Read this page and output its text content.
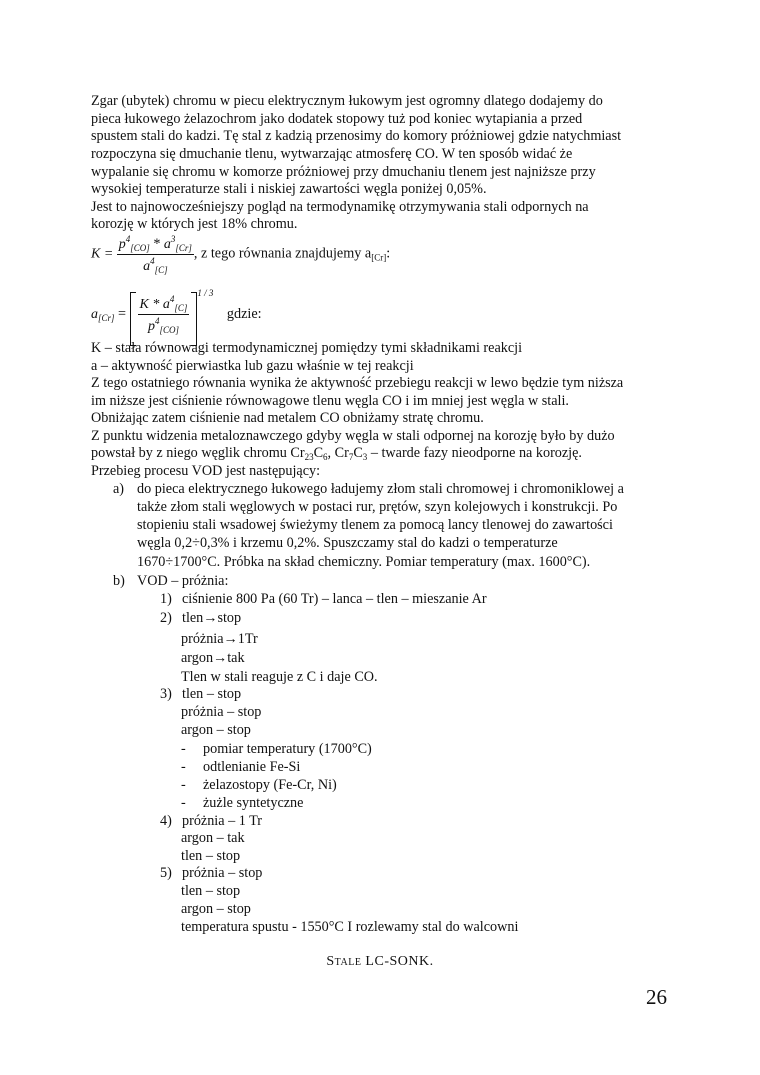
Zgar (ubytek) chromu w piecu elektrycznym łukowym jest ogromny dlatego dodajemy do
pieca łukowego żelazochrom jako dodatek stopowy tuż pod koniec wytapiania a przed
spustem stali do kadzi. Tę stal z kadzią przenosimy do komory próżniowej gdzie natychmiast
rozpoczyna się dmuchanie tlenu, wytwarzając atmosferę CO. W ten sposób widać że
wypalanie się chromu w komorze próżniowej przy dmuchaniu tlenem jest najniższe przy
wysokiej temperaturze stali i niskiej zawartości węgla poniżej 0,05%.
Jest to najnowocześniejszy pogląd na termodynamikę otrzymywania stali odpornych na
korozję w których jest 18% chromu.
$K = \frac{p^4_{[CO]} * a^3_{[Cr]}}{a^4_{[C]}}$ , z tego równania znajdujemy $a_{[Cr]}$:
$a_{[Cr]} = \frac{K * a^4_{[C]}}{p^4_{[CO]}}$
$^{1 / 3}$ gdzie:
K – stała równowagi termodynamicznej pomiędzy tymi składnikami reakcji
a – aktywność pierwiastka lub gazu właśnie w tej reakcji
Z tego ostatniego równania wynika że aktywność przebiegu reakcji w lewo będzie tym niższa
im niższe jest ciśnienie równowagowe tlenu węgla CO i im mniej jest węgla w stali.
Obniżając zatem ciśnienie nad metalem CO obniżamy stratę chromu.
Z punktu widzenia metaloznawczego gdyby węgla w stali odpornej na korozję było by dużo
powstał by z niego węglik chromu $Cr_{23}C_6$, $Cr_7C_3$ – twarde fazy nieodporne na korozję.
Przebieg procesu VOD jest następujący:
a) do pieca elektrycznego łukowego ładujemy złom stali chromowej i chromoniklowej a
także złom stali węglowych w postaci rur, prętów, szyn kolejowych i konstrukcji. Po
stopieniu stali wsadowej świeżymy tlenem za pomocą lancy tlenowej do zawartości
węgla 0,2÷0,3% i krzemu 0,2%. Spuszczamy stal do kadzi o temperaturze
1670÷1700°C. Próbka na skład chemiczny. Pomiar temperatury (max. 1600°C).
b) VOD – próżnia:
1) ciśnienie 800 Pa (60 Tr) – lanca – tlen – mieszanie Ar
2) tlen→stop
próżnia→1Tr
argon→tak
Tlen w stali reaguje z C i daje CO.
3) tlen – stop
próżnia – stop
argon – stop
- pomiar temperatury (1700°C)
- odtlenianie Fe-Si
- żelazostopy (Fe-Cr, Ni)
- żużle syntetyczne
4) próżnia – 1 Tr
argon – tak
tlen – stop
5) próżnia – stop
tlen – stop
argon – stop
temperatura spustu - 1550°C I rozlewamy stal do walcowni
Stale LC-SONK.
26
